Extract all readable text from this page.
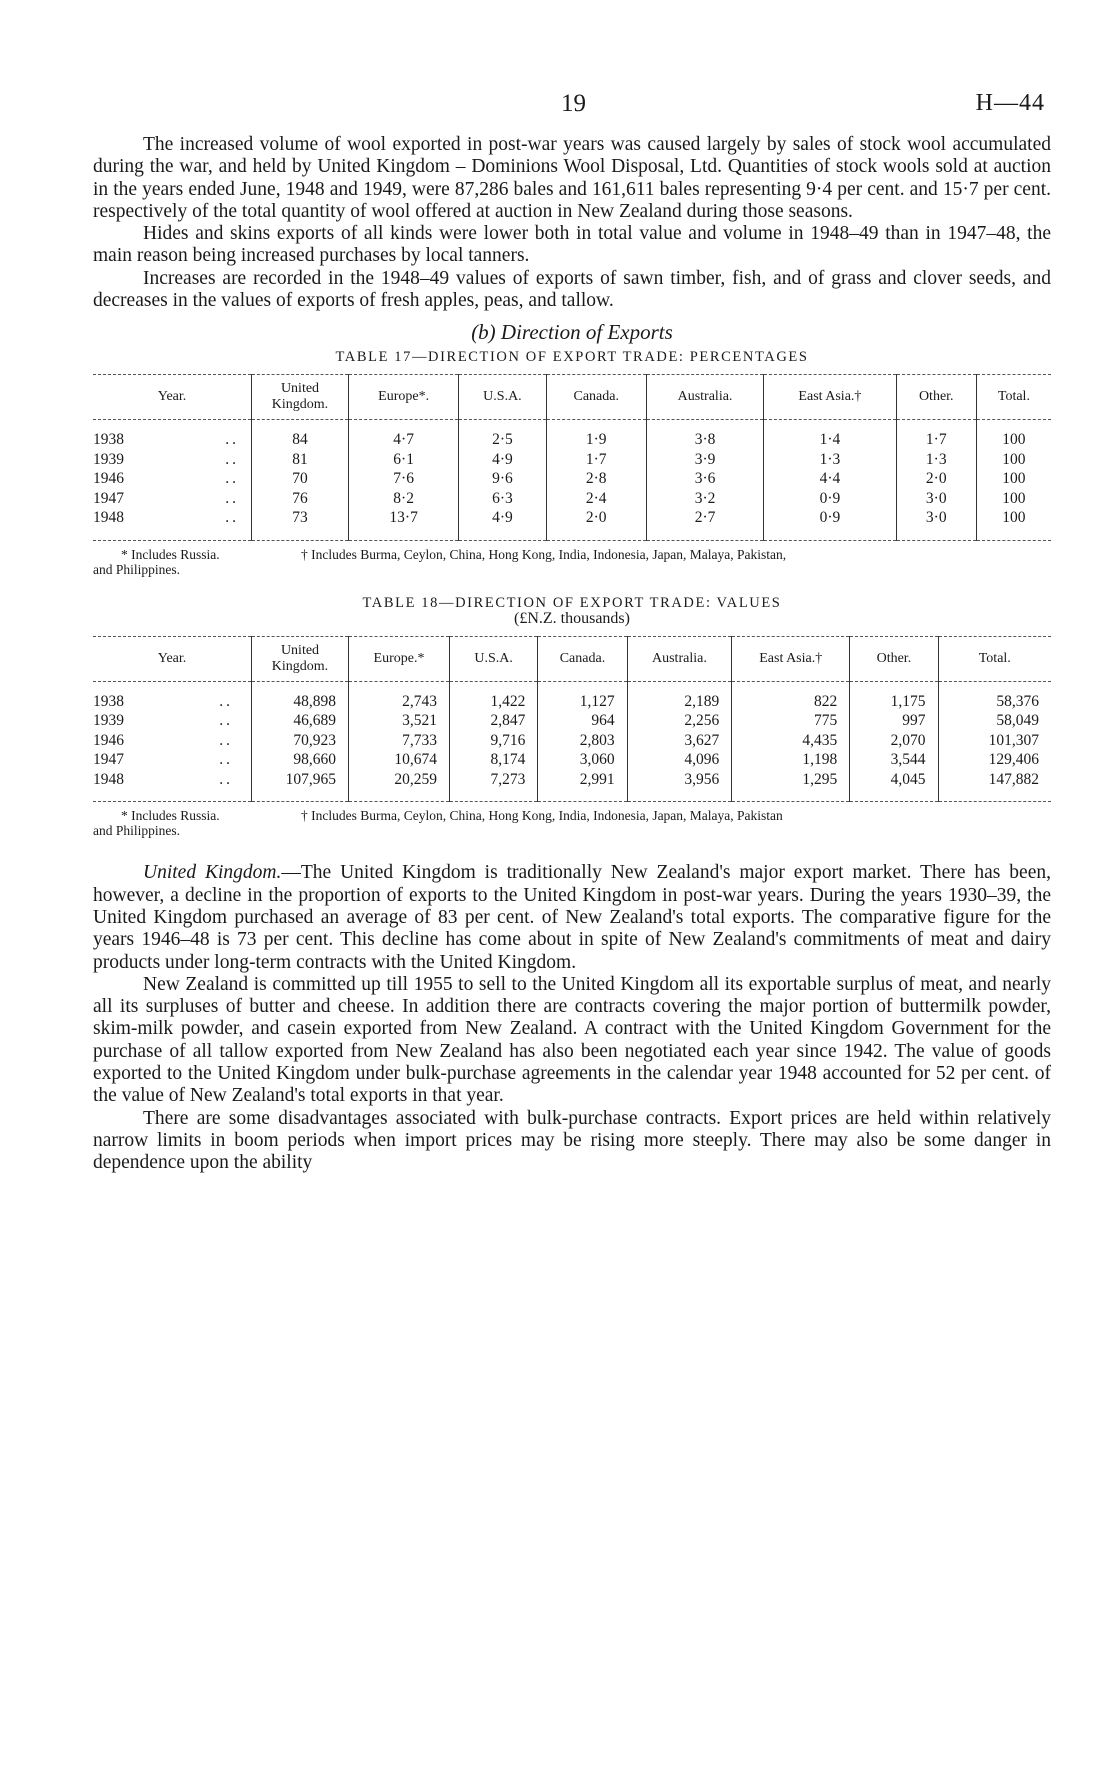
19	H—44

The increased volume of wool exported in post-war years was caused largely by sales of stock wool accumulated during the war, and held by United Kingdom – Dominions Wool Disposal, Ltd. Quantities of stock wools sold at auction in the years ended June, 1948 and 1949, were 87,286 bales and 161,611 bales representing 9·4 per cent. and 15·7 per cent. respectively of the total quantity of wool offered at auction in New Zealand during those seasons.

Hides and skins exports of all kinds were lower both in total value and volume in 1948–49 than in 1947–48, the main reason being increased purchases by local tanners.

Increases are recorded in the 1948–49 values of exports of sawn timber, fish, and of grass and clover seeds, and decreases in the values of exports of fresh apples, peas, and tallow.

(b) Direction of Exports
TABLE 17—DIRECTION OF EXPORT TRADE: PERCENTAGES
Year.	United Kingdom.	Europe*.	U.S.A.	Canada.	Australia.	East Asia.†	Other.	Total.
1938 ..	84	4·7	2·5	1·9	3·8	1·4	1·7	100
1939 ..	81	6·1	4·9	1·7	3·9	1·3	1·3	100
1946 ..	70	7·6	9·6	2·8	3·6	4·4	2·0	100
1947 ..	76	8·2	6·3	2·4	3·2	0·9	3·0	100
1948 ..	73	13·7	4·9	2·0	2·7	0·9	3·0	100
* Includes Russia.	† Includes Burma, Ceylon, China, Hong Kong, India, Indonesia, Japan, Malaya, Pakistan,
and Philippines.
TABLE 18—DIRECTION OF EXPORT TRADE: VALUES
(£N.Z. thousands)
Year.	United Kingdom.	Europe.*	U.S.A.	Canada.	Australia.	East Asia.†	Other.	Total.
1938 ..	48,898	2,743	1,422	1,127	2,189	822	1,175	58,376
1939 ..	46,689	3,521	2,847	964	2,256	775	997	58,049
1946 ..	70,923	7,733	9,716	2,803	3,627	4,435	2,070	101,307
1947 ..	98,660	10,674	8,174	3,060	4,096	1,198	3,544	129,406
1948 ..	107,965	20,259	7,273	2,991	3,956	1,295	4,045	147,882
* Includes Russia.	† Includes Burma, Ceylon, China, Hong Kong, India, Indonesia, Japan, Malaya, Pakistan
and Philippines.

United Kingdom.—The United Kingdom is traditionally New Zealand's major export market. There has been, however, a decline in the proportion of exports to the United Kingdom in post-war years. During the years 1930–39, the United Kingdom purchased an average of 83 per cent. of New Zealand's total exports. The comparative figure for the years 1946–48 is 73 per cent. This decline has come about in spite of New Zealand's commitments of meat and dairy products under long-term contracts with the United Kingdom.

New Zealand is committed up till 1955 to sell to the United Kingdom all its exportable surplus of meat, and nearly all its surpluses of butter and cheese. In addition there are contracts covering the major portion of buttermilk powder, skim-milk powder, and casein exported from New Zealand. A contract with the United Kingdom Government for the purchase of all tallow exported from New Zealand has also been negotiated each year since 1942. The value of goods exported to the United Kingdom under bulk-purchase agreements in the calendar year 1948 accounted for 52 per cent. of the value of New Zealand's total exports in that year.

There are some disadvantages associated with bulk-purchase contracts. Export prices are held within relatively narrow limits in boom periods when import prices may be rising more steeply. There may also be some danger in dependence upon the ability
